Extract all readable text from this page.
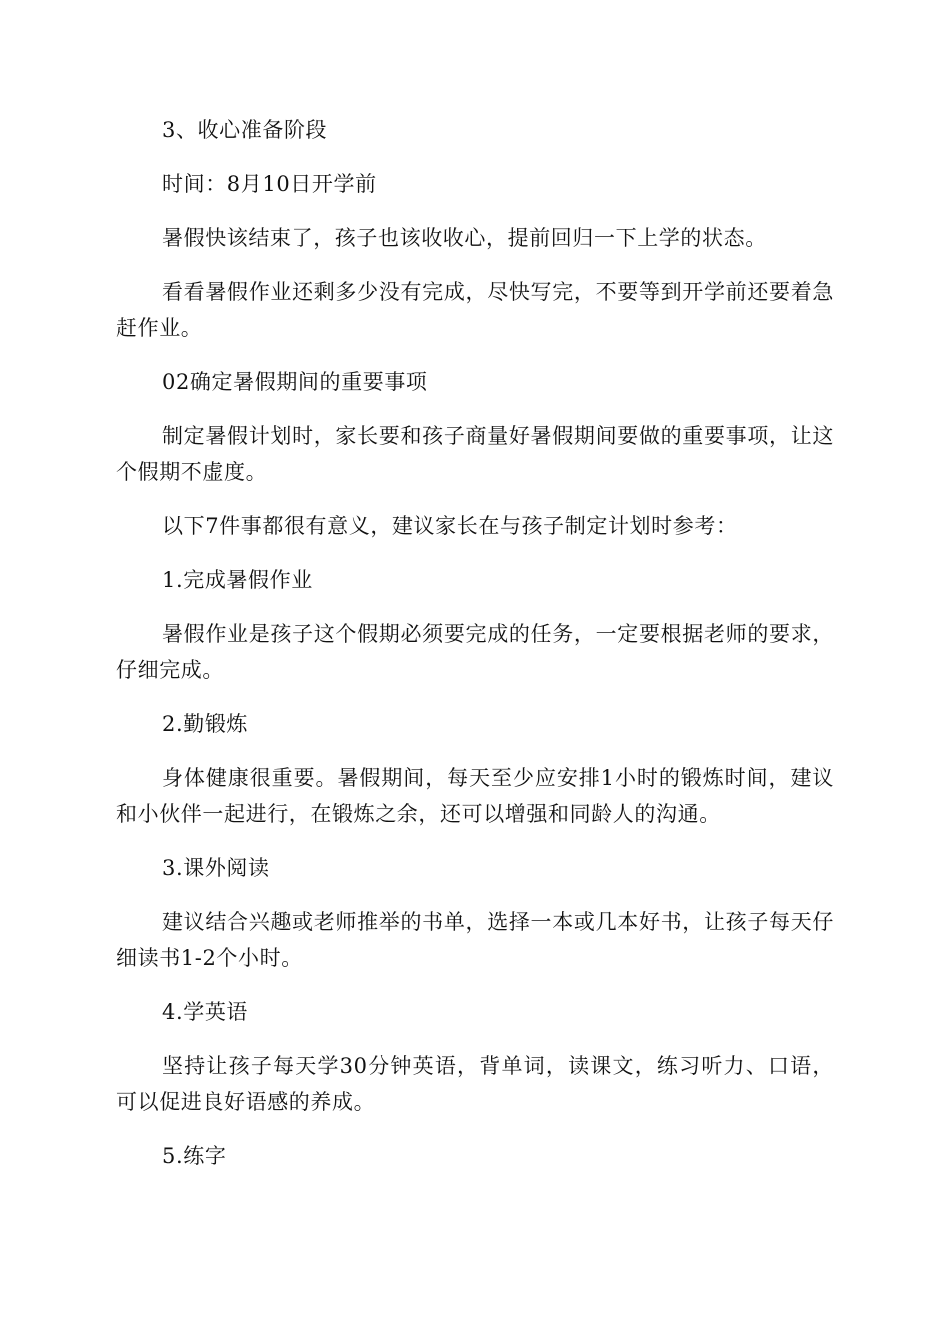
3、收心准备阶段

时间：8月10日开学前

暑假快该结束了，孩子也该收收心，提前回归一下上学的状态。

看看暑假作业还剩多少没有完成，尽快写完，不要等到开学前还要着急赶作业。

02确定暑假期间的重要事项

制定暑假计划时，家长要和孩子商量好暑假期间要做的重要事项，让这个假期不虚度。

以下7件事都很有意义，建议家长在与孩子制定计划时参考：

1.完成暑假作业

暑假作业是孩子这个假期必须要完成的任务，一定要根据老师的要求，仔细完成。

2.勤锻炼

身体健康很重要。暑假期间，每天至少应安排1小时的锻炼时间，建议和小伙伴一起进行，在锻炼之余，还可以增强和同龄人的沟通。

3.课外阅读

建议结合兴趣或老师推举的书单，选择一本或几本好书，让孩子每天仔细读书1-2个小时。

4.学英语

坚持让孩子每天学30分钟英语，背单词，读课文，练习听力、口语，可以促进良好语感的养成。

5.练字
